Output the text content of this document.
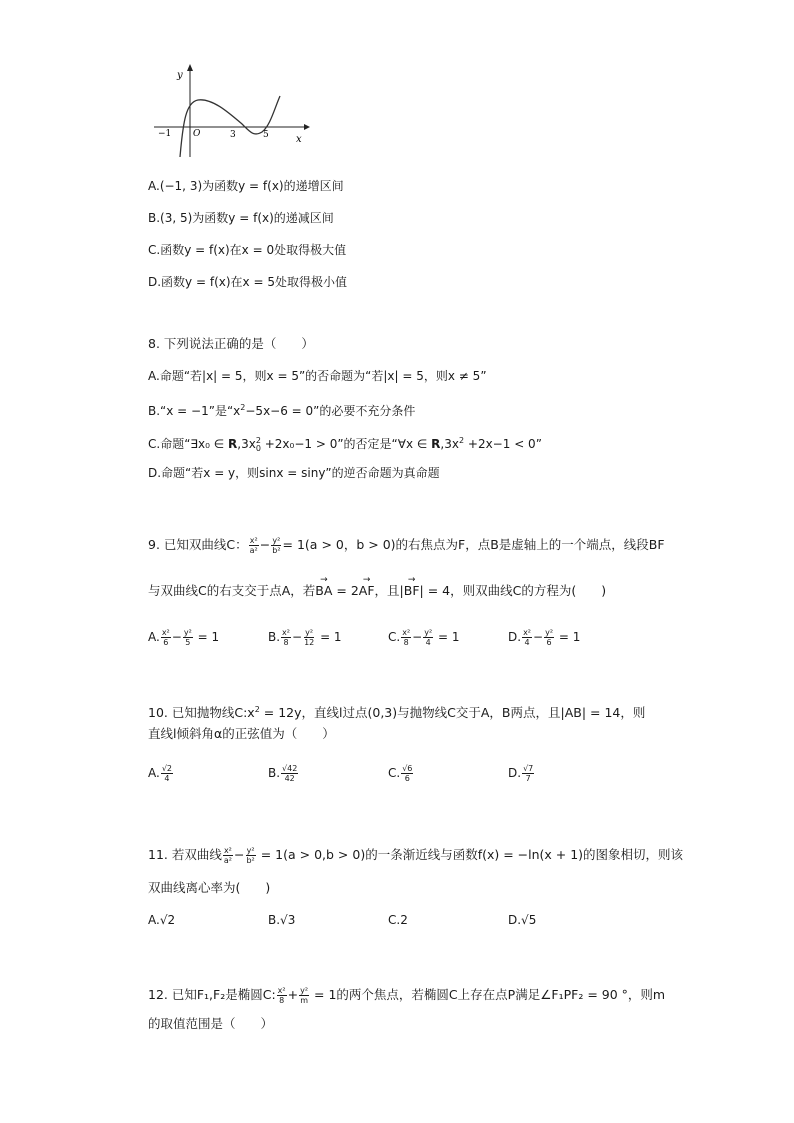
y
x
−1 O	3	5
A.(−1, 3)为函数y = f(x)的递增区间
B.(3, 5)为函数y = f(x)的递减区间
C.函数y = f(x)在x = 0处取得极大值
D.函数y = f(x)在x = 5处取得极小值
8. 下列说法正确的是（　　）
A.命题“若|x| = 5，则x = 5”的否命题为“若|x| = 5，则x ≠ 5”
B.“x = −1”是“$x^2-5x-6 = 0$”的必要不充分条件
C.命题“∃x₀ ∈ R,3x 2
0 +2x₀−1 > 0”的否定是“∀x ∈ $R,3x^2 +2x-1 < 0$”
D.命题“若x = y，则sinx = siny”的逆否命题为真命题
9. 已知双曲线C： $\frac{\text{x²}}{\text{a²}} - \frac{\text{y²}}{\text{b²}} = 1(a > 0$，b > 0)的右焦点为F，点B是虚轴上的一个端点，线段BF
与双曲线C的右支交于点A，若→ BA = 2→ AF，且|→ BF| = 4，则双曲线C的方程为(　　)
A. $\frac{\text{x²}}{6} - \frac{\text{y²}}{5} = 1$	B. $\frac{\text{x²}}{8} - \frac{\text{y²}}{12} = 1$	C. $\frac{\text{x²}}{8} - \frac{\text{y²}}{4} = 1$	D. $\frac{\text{x²}}{4} - \frac{\text{y²}}{6} = 1$
10. 已知抛物线$C:x^2 = 12y$，直线l过点(0,3)与抛物线C交于A，B两点，且|AB| = 14，则
直线l倾斜角α的正弦值为（　　）
A. $\frac{√2}{4}$	B. $\frac{√42}{42}$	C. $\frac{√6}{6}$	D. $\frac{√7}{7}$
11. 若双曲线 $\frac{\text{x²}}{\text{a²}} - \frac{\text{y²}}{\text{b²}} = 1(a > 0,b > 0)$的一条渐近线与函数f(x) = −ln(x + 1)的图象相切，则该
双曲线离心率为(　　)
A.√2	B.√3	C.2	D.√5
12. 已知F₁,F₂是椭圆C: $\frac{\text{x²}}{8} + \frac{\text{y²}}{m} = 1$的两个焦点，若椭圆C上存在点P满足∠F₁PF₂ = 90 °，则m
的取值范围是（　　）
